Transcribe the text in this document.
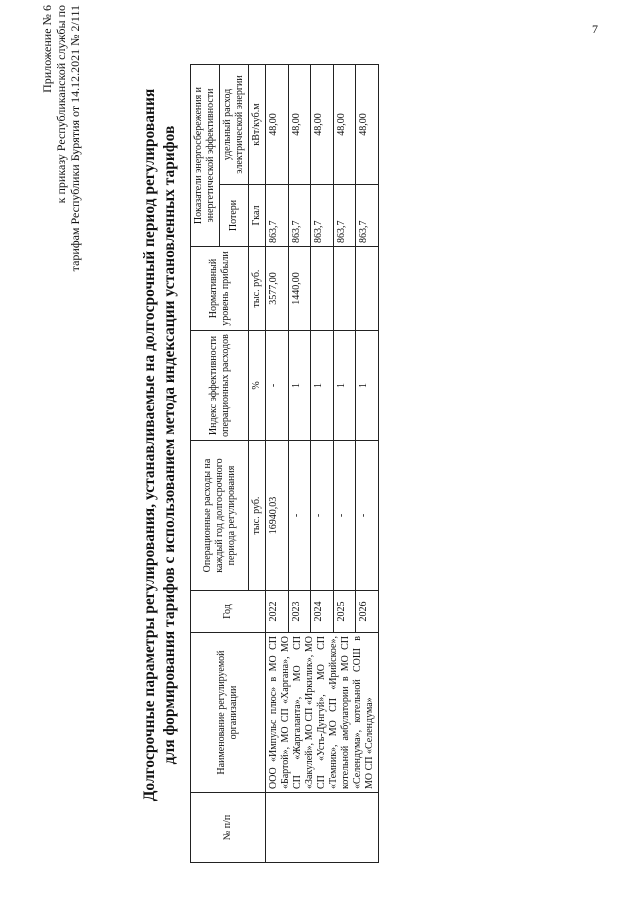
7
Приложение № 6 к приказу Республиканской службы по тарифам Республики Бурятия от 14.12.2021 № 2/111	Долгосрочные параметры регулирования, устанавливаемые на долгосрочный период регулирования для формирования тарифов с использованием метода индексации установленных тарифов
№ п/п	Наименование регулируемой организации	Год	Операционные расходы на каждый год долгосрочного периода регулирования	Индекс эффективности операционных расходов	Нормативный уровень прибыли	Показатели энергосбережения и энергетической эффективности	
						Потери	удельный расход электрической энергии
			тыс. руб.	%	тыс. руб.	Гкал	кВт/куб.м
	ООО «Импульс плюс» в МО СП «Бартой», МО СП «Харгана», МО СП «Жаргаланта», МО СП «Закулей», МО СП «Иркилик», МО СП «Усть-Дунгуй», МО СП «Темник», МО СП «Ирийское», котельной амбулатории в МО СП «Селендума», котельной СОШ в МО СП «Селендума»	2022	16940,03	-	3577,00	863,7	48,00
		2023	-	1	1440,00	863,7	48,00
		2024	-	1		863,7	48,00
		2025	-	1		863,7	48,00
		2026	-	1		863,7	48,00
